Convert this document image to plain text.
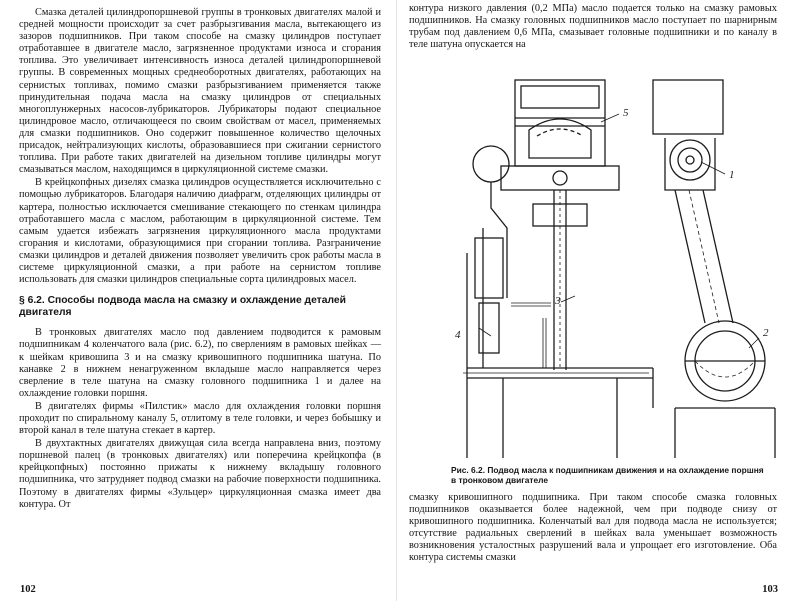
Смазка деталей цилиндропоршневой группы в тронковых двигателях малой и средней мощности происходит за счет разбрызгивания масла, вытекающего из зазоров подшипников. При таком способе на смазку цилиндров поступает отработавшее в двигателе масло, загрязненное продуктами износа и сгорания топлива. Это увеличивает интенсивность износа деталей цилиндропоршневой группы. В современных мощных среднеоборотных двигателях, работающих на сернистых топливах, помимо смазки разбрызгиванием применяется также принудительная подача масла на смазку цилиндров от специальных многоплунжерных насосов-лубрикаторов. Лубрикаторы подают специальное цилиндровое масло, отличающееся по своим свойствам от масел, применяемых для смазки подшипников. Оно содержит повышенное количество щелочных присадок, нейтрализующих кислоты, образовавшиеся при сжигании сернистого топлива. При работе таких двигателей на дизельном топливе цилиндры могут смазываться маслом, находящимся в циркуляционной системе смазки.

В крейцкопфных дизелях смазка цилиндров осуществляется исключительно с помощью лубрикаторов. Благодаря наличию диафрагм, отделяющих цилиндры от картера, полностью исключается смешивание стекающего по стенкам цилиндра отработавшего масла с маслом, работающим в циркуляционной системе. Тем самым удается избежать загрязнения циркуляционного масла продуктами сгорания и кислотами, образующимися при сгорании топлива. Разграничение смазки цилиндров и деталей движения позволяет увеличить срок работы масла в системе циркуляционной смазки, а при работе на сернистом топливе использовать для смазки цилиндров специальные сорта цилиндровых масел.

§ 6.2. Способы подвода масла на смазку и охлаждение деталей двигателя

В тронковых двигателях масло под давлением подводится к рамовым подшипникам 4 коленчатого вала (рис. 6.2), по сверлениям в рамовых шейках — к шейкам кривошипа 3 и на смазку кривошипного подшипника шатуна. По канавке 2 в нижнем ненагруженном вкладыше масло направляется через сверление в теле шатуна на смазку головного подшипника 1 и далее на охлаждение головки поршня.

В двигателях фирмы «Пилстик» масло для охлаждения головки поршня проходит по спиральному каналу 5, отлитому в теле головки, и через бобышку и второй канал в теле шатуна стекает в картер.

В двухтактных двигателях движущая сила всегда направлена вниз, поэтому поршневой палец (в тронковых двигателях) или поперечина крейцкопфа (в крейцкопфных) постоянно прижаты к нижнему вкладышу головного подшипника, что затрудняет подвод смазки на рабочие поверхности подшипника. Поэтому в двигателях фирмы «Зульцер» циркуляционная смазка имеет два контура. От

102

контура низкого давления (0,2 МПа) масло подается только на смазку рамовых подшипников. На смазку головных подшипников масло поступает по шарнирным трубам под давлением 0,6 МПа, смазывает головные подшипники и по каналу в теле шатуна опускается на

5
1
3
4	2
Рис. 6.2. Подвод масла к подшипникам движения и на охлаждение поршня в тронковом двигателе

смазку кривошипного подшипника. При таком способе смазка головных подшипников оказывается более надежной, чем при подводе снизу от кривошипного подшипника. Коленчатый вал для подвода масла не используется; отсутствие радиальных сверлений в шейках вала уменьшает возможность возникновения усталостных разрушений вала и упрощает его изготовление. Оба контура системы смазки

103
